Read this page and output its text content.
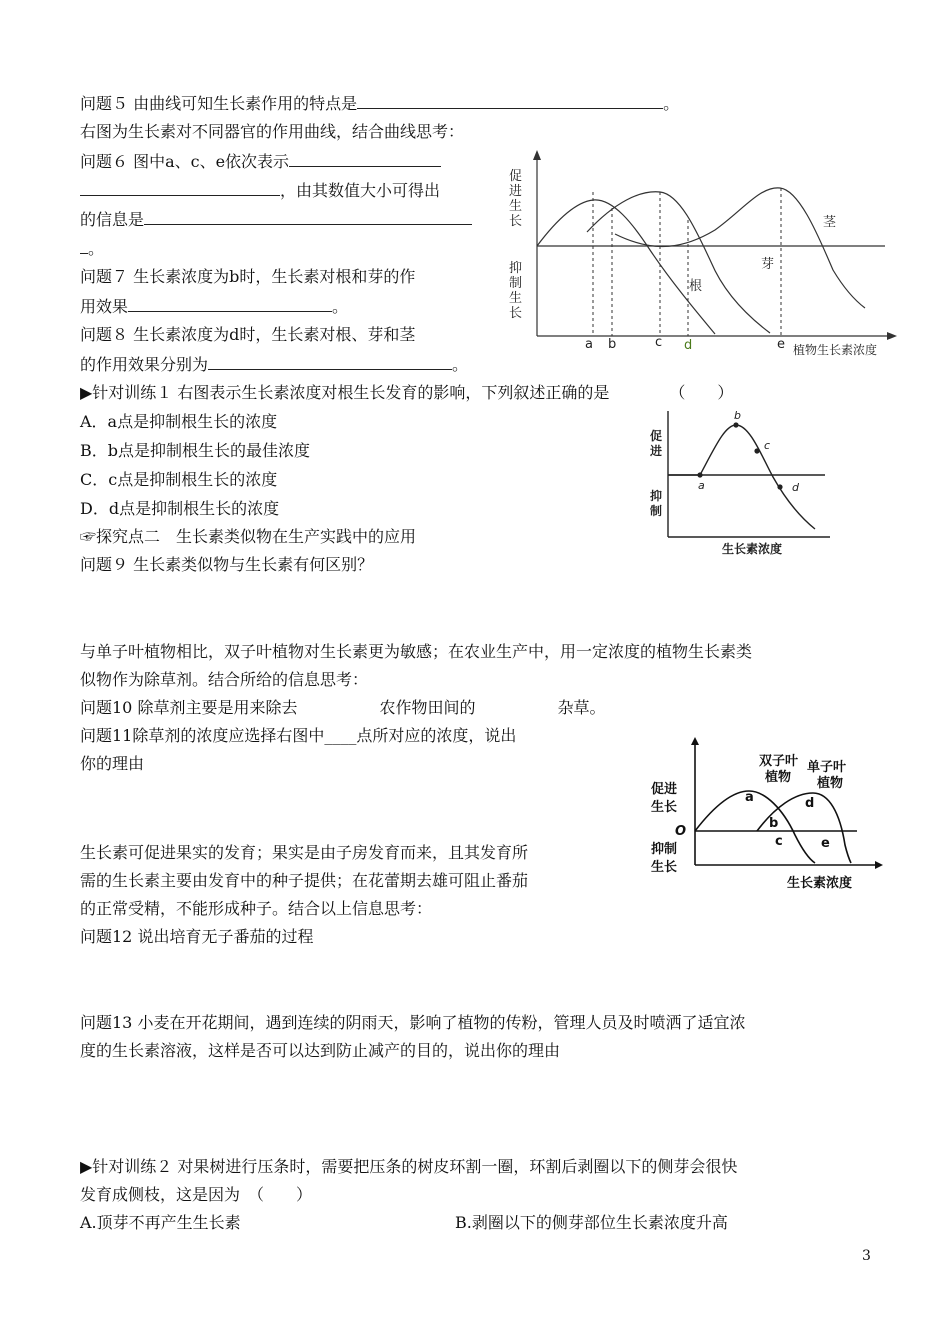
问题５ 由曲线可知生长素作用的特点是	。
右图为生长素对不同器官的作用曲线，结合曲线思考：
问题６ 图中a、c、e依次表示
，由其数值大小可得出
的信息是
。
问题７ 生长素浓度为b时，生长素对根和芽的作
用效果	。
问题８ 生长素浓度为d时，生长素对根、芽和茎
的作用效果分别为	。
▶针对训练１ 右图表示生长素浓度对根生长发育的影响，下列叙述正确的是	（　　）
A．a点是抑制根生长的浓度
B．b点是抑制根生长的最佳浓度
C．c点是抑制根生长的浓度
D．d点是抑制根生长的浓度
☞探究点二　生长素类似物在生产实践中的应用
问题９ 生长素类似物与生长素有何区别？
与单子叶植物相比，双子叶植物对生长素更为敏感；在农业生产中，用一定浓度的植物生长素类
似物作为除草剂。结合所给的信息思考：
问题10 除草剂主要是用来除去	农作物田间的	杂草。
问题11除草剂的浓度应选择右图中____点所对应的浓度，说出
你的理由
生长素可促进果实的发育；果实是由子房发育而来，且其发育所
需的生长素主要由发育中的种子提供；在花蕾期去雄可阻止番茄
的正常受精，不能形成种子。结合以上信息思考：
问题12 说出培育无子番茄的过程
问题13 小麦在开花期间，遇到连续的阴雨天，影响了植物的传粉，管理人员及时喷洒了适宜浓
度的生长素溶液，这样是否可以达到防止减产的目的，说出你的理由
▶针对训练２ 对果树进行压条时，需要把压条的树皮环割一圈，环割后剥圈以下的侧芽会很快
发育成侧枝，这是因为　（　　）
A.顶芽不再产生生长素	B.剥圈以下的侧芽部位生长素浓度升高
3
促
进
生
长
抑
制
生
长
根
芽
茎
a b	c d	e 植物生长素浓度
a
b
c
d
促
进
抑
制
生长素浓度
双子叶
植物
单子叶
植物
促进
生长
O
抑制
生长
生长素浓度
a
b
c
d
e
